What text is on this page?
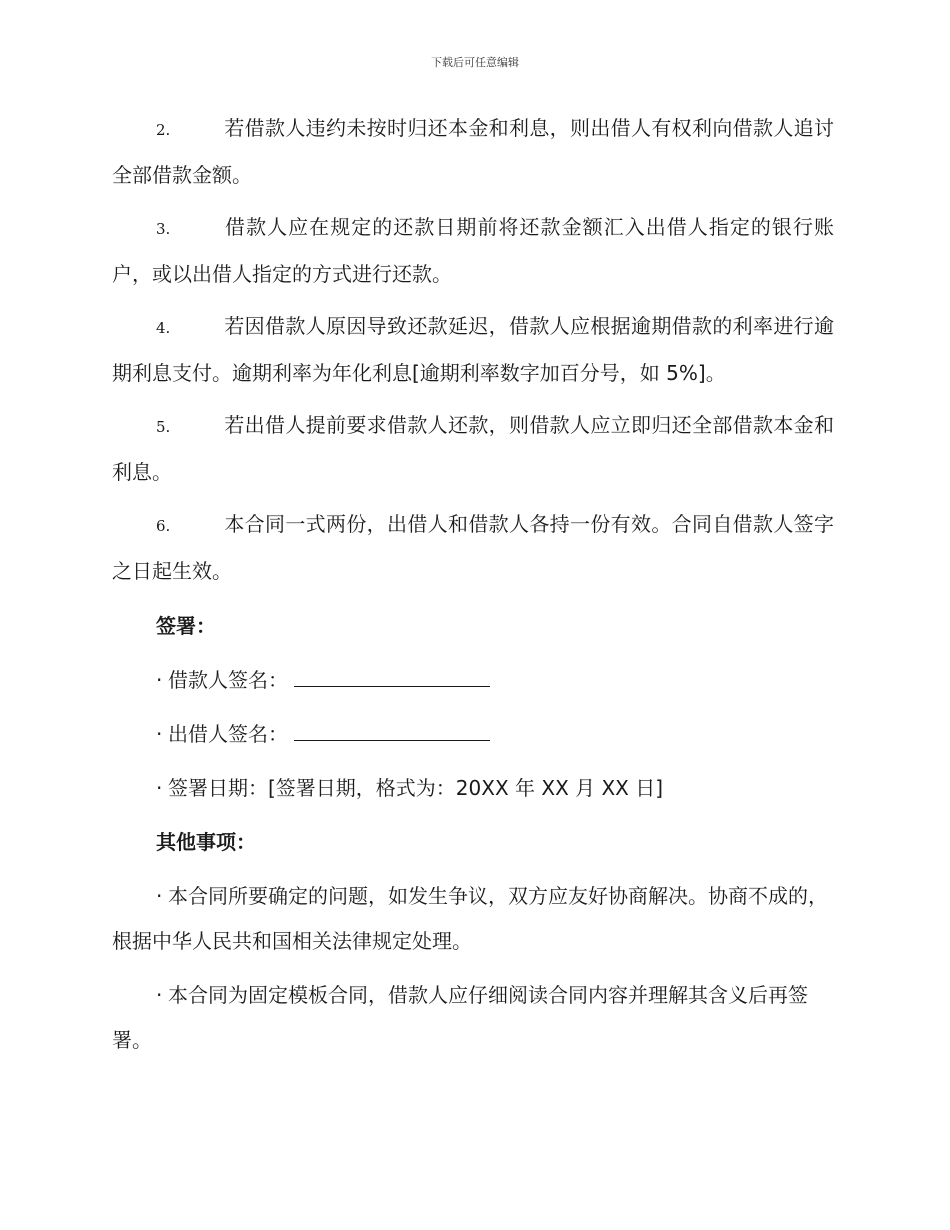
下载后可任意编辑

2.	若借款人违约未按时归还本金和利息，则出借人有权利向借款人追讨全部借款金额。

3.	借款人应在规定的还款日期前将还款金额汇入出借人指定的银行账户，或以出借人指定的方式进行还款。

4.	若因借款人原因导致还款延迟，借款人应根据逾期借款的利率进行逾期利息支付。逾期利率为年化利息[逾期利率数字加百分号，如 5%]。

5.	若出借人提前要求借款人还款，则借款人应立即归还全部借款本金和利息。

6.	本合同一式两份，出借人和借款人各持一份有效。合同自借款人签字之日起生效。

签署：

· 借款人签名：

· 出借人签名：

· 签署日期：[签署日期，格式为：20XX 年 XX 月 XX 日]

其他事项：

· 本合同所要确定的问题，如发生争议，双方应友好协商解决。协商不成的，根据中华人民共和国相关法律规定处理。

· 本合同为固定模板合同，借款人应仔细阅读合同内容并理解其含义后再签署。
